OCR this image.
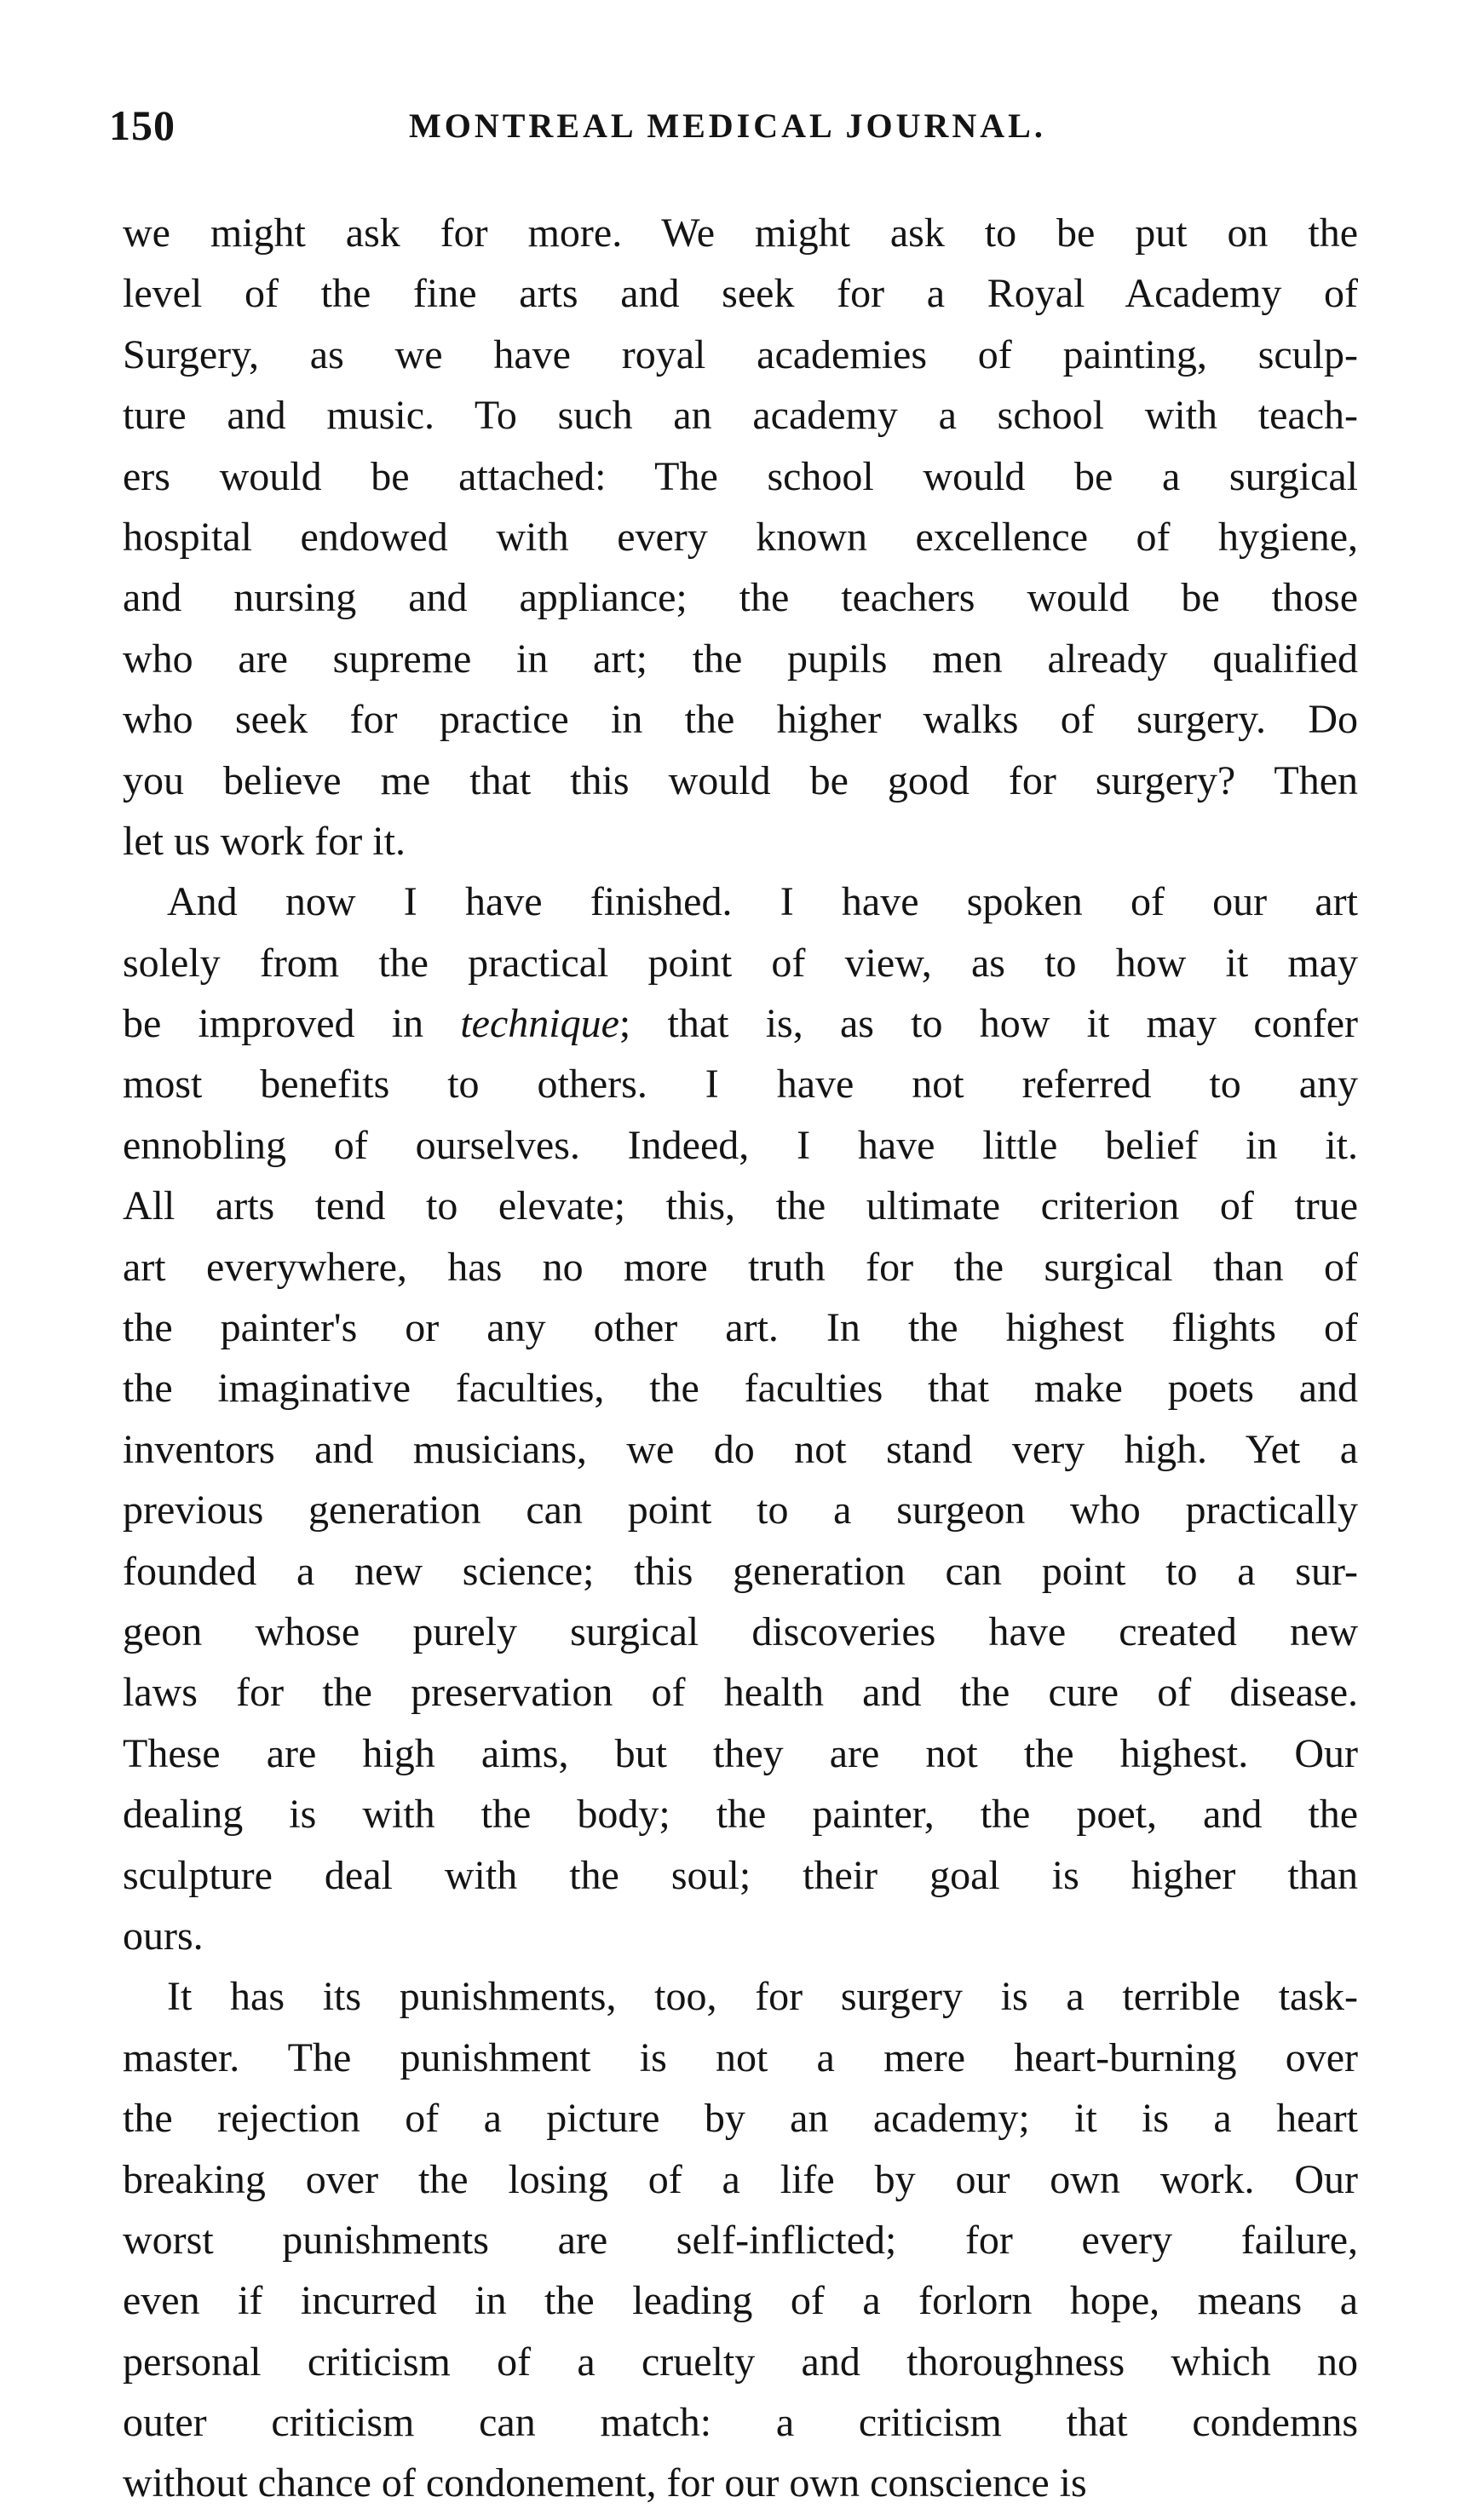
150	MONTREAL MEDICAL JOURNAL.
we might ask for more. We might ask to be put on the
level of the fine arts and seek for a Royal Academy of
Surgery, as we have royal academies of painting, sculp-
ture and music. To such an academy a school with teach-
ers would be attached: The school would be a surgical
hospital endowed with every known excellence of hygiene,
and nursing and appliance; the teachers would be those
who are supreme in art; the pupils men already qualified
who seek for practice in the higher walks of surgery. Do
you believe me that this would be good for surgery? Then
let us work for it.
And now I have finished. I have spoken of our art
solely from the practical point of view, as to how it may
be improved in technique; that is, as to how it may confer
most benefits to others. I have not referred to any
ennobling of ourselves. Indeed, I have little belief in it.
All arts tend to elevate; this, the ultimate criterion of true
art everywhere, has no more truth for the surgical than of
the painter's or any other art. In the highest flights of
the imaginative faculties, the faculties that make poets and
inventors and musicians, we do not stand very high. Yet a
previous generation can point to a surgeon who practically
founded a new science; this generation can point to a sur-
geon whose purely surgical discoveries have created new
laws for the preservation of health and the cure of disease.
These are high aims, but they are not the highest. Our
dealing is with the body; the painter, the poet, and the
sculpture deal with the soul; their goal is higher than
ours.
It has its punishments, too, for surgery is a terrible task-
master. The punishment is not a mere heart-burning over
the rejection of a picture by an academy; it is a heart
breaking over the losing of a life by our own work. Our
worst punishments are self-inflicted; for every failure,
even if incurred in the leading of a forlorn hope, means a
personal criticism of a cruelty and thoroughness which no
outer criticism can match: a criticism that condemns
without chance of condonement, for our own conscience is
